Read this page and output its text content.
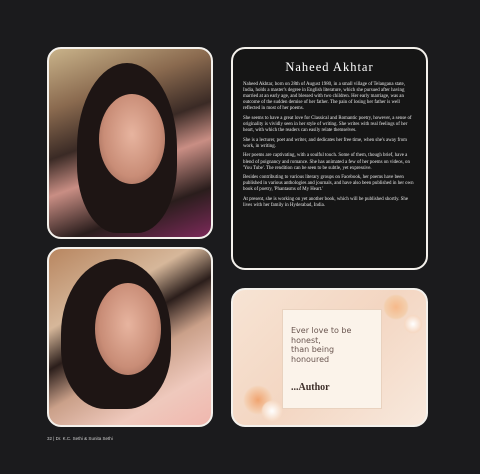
Naheed Akhtar

Naheed Akhtar, born on 28th of August 1980, in a small village of Telangana state, India, holds a master's degree in English literature, which she pursued after having married at an early age, and blessed with two children. Her early marriage, was an outcome of the sudden demise of her father. The pain of losing her father is well reflected in most of her poems.

She seems to have a great love for Classical and Romantic poetry, however, a sense of originality is vividly seen in her style of writing. She writes with real feelings of her heart, with which the readers can easily relate themselves.

She is a lecturer, poet and writer, and dedicates her free time, when she's away from work, in writing.

Her poems are captivating, with a soulful touch. Some of them, though brief, have a blend of poignancy and romance. She has animated a few of her poems on videos, on 'You Tube'. The rendition can be seen to be subtle, yet expressive.

Besides contributing to various literary groups on Facebook, her poems have been published in various anthologies and journals, and have also been published in her own book of poetry, 'Phantasms of My Heart.'

At present, she is working on yet another book, which will be published shortly. She lives with her family in Hyderabad, India.

Ever love to be
honest,
than being
honoured
...Author
32 | Dr. K.C. Sethi & Sunita Sethi
